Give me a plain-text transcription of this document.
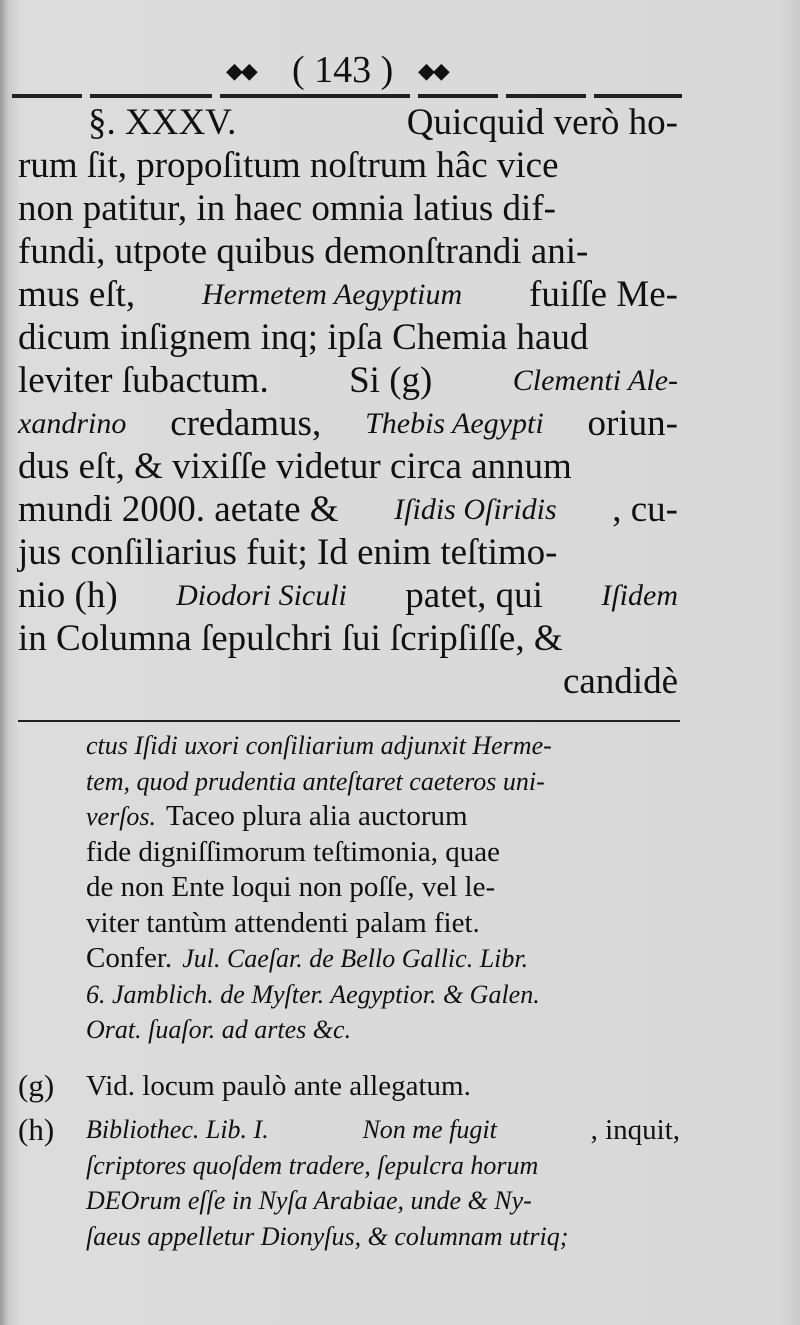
◆◆ ( 143 ) ◆◆
§. XXXV.	Quicquid verò ho-
rum ſit, propoſitum noſtrum hâc vice
non patitur, in haec omnia latius dif-
fundi, utpote quibus demonſtrandi ani-
mus eſt, Hermetem Aegyptium fuiſſe Me-
dicum inſignem inq; ipſa Chemia haud
leviter ſubactum. Si (g)	Clementi Ale-
xandrino credamus, Thebis Aegypti oriun-
dus eſt, & vixiſſe videtur circa annum
mundi 2000. aetate & Iſidis Oſiridis , cu-
jus conſiliarius fuit; Id enim teſtimo-
nio (h) Diodori Siculi patet, qui Iſidem
in Columna ſepulchri ſui ſcripſiſſe, &
candidè
ctus Iſidi uxori conſiliarium adjunxit Herme-
tem, quod prudentia anteſtaret caeteros uni-
verſos. Taceo plura alia auctorum
fide digniſſimorum teſtimonia, quae
de non Ente loqui non poſſe, vel le-
viter tantùm attendenti palam fiet.
Confer. Jul. Caeſar. de Bello Gallic. Libr.
6. Jamblich. de Myſter. Aegyptior. & Galen.
Orat. ſuaſor. ad artes &c.
(g) Vid. locum paulò ante allegatum.
(h) Bibliothec. Lib. I.	Non me fugit	, inquit,
ſcriptores quoſdem tradere, ſepulcra horum
DEOrum eſſe in Nyſa Arabiae, unde & Ny-
ſaeus appelletur Dionyſus, & columnam utriq;
